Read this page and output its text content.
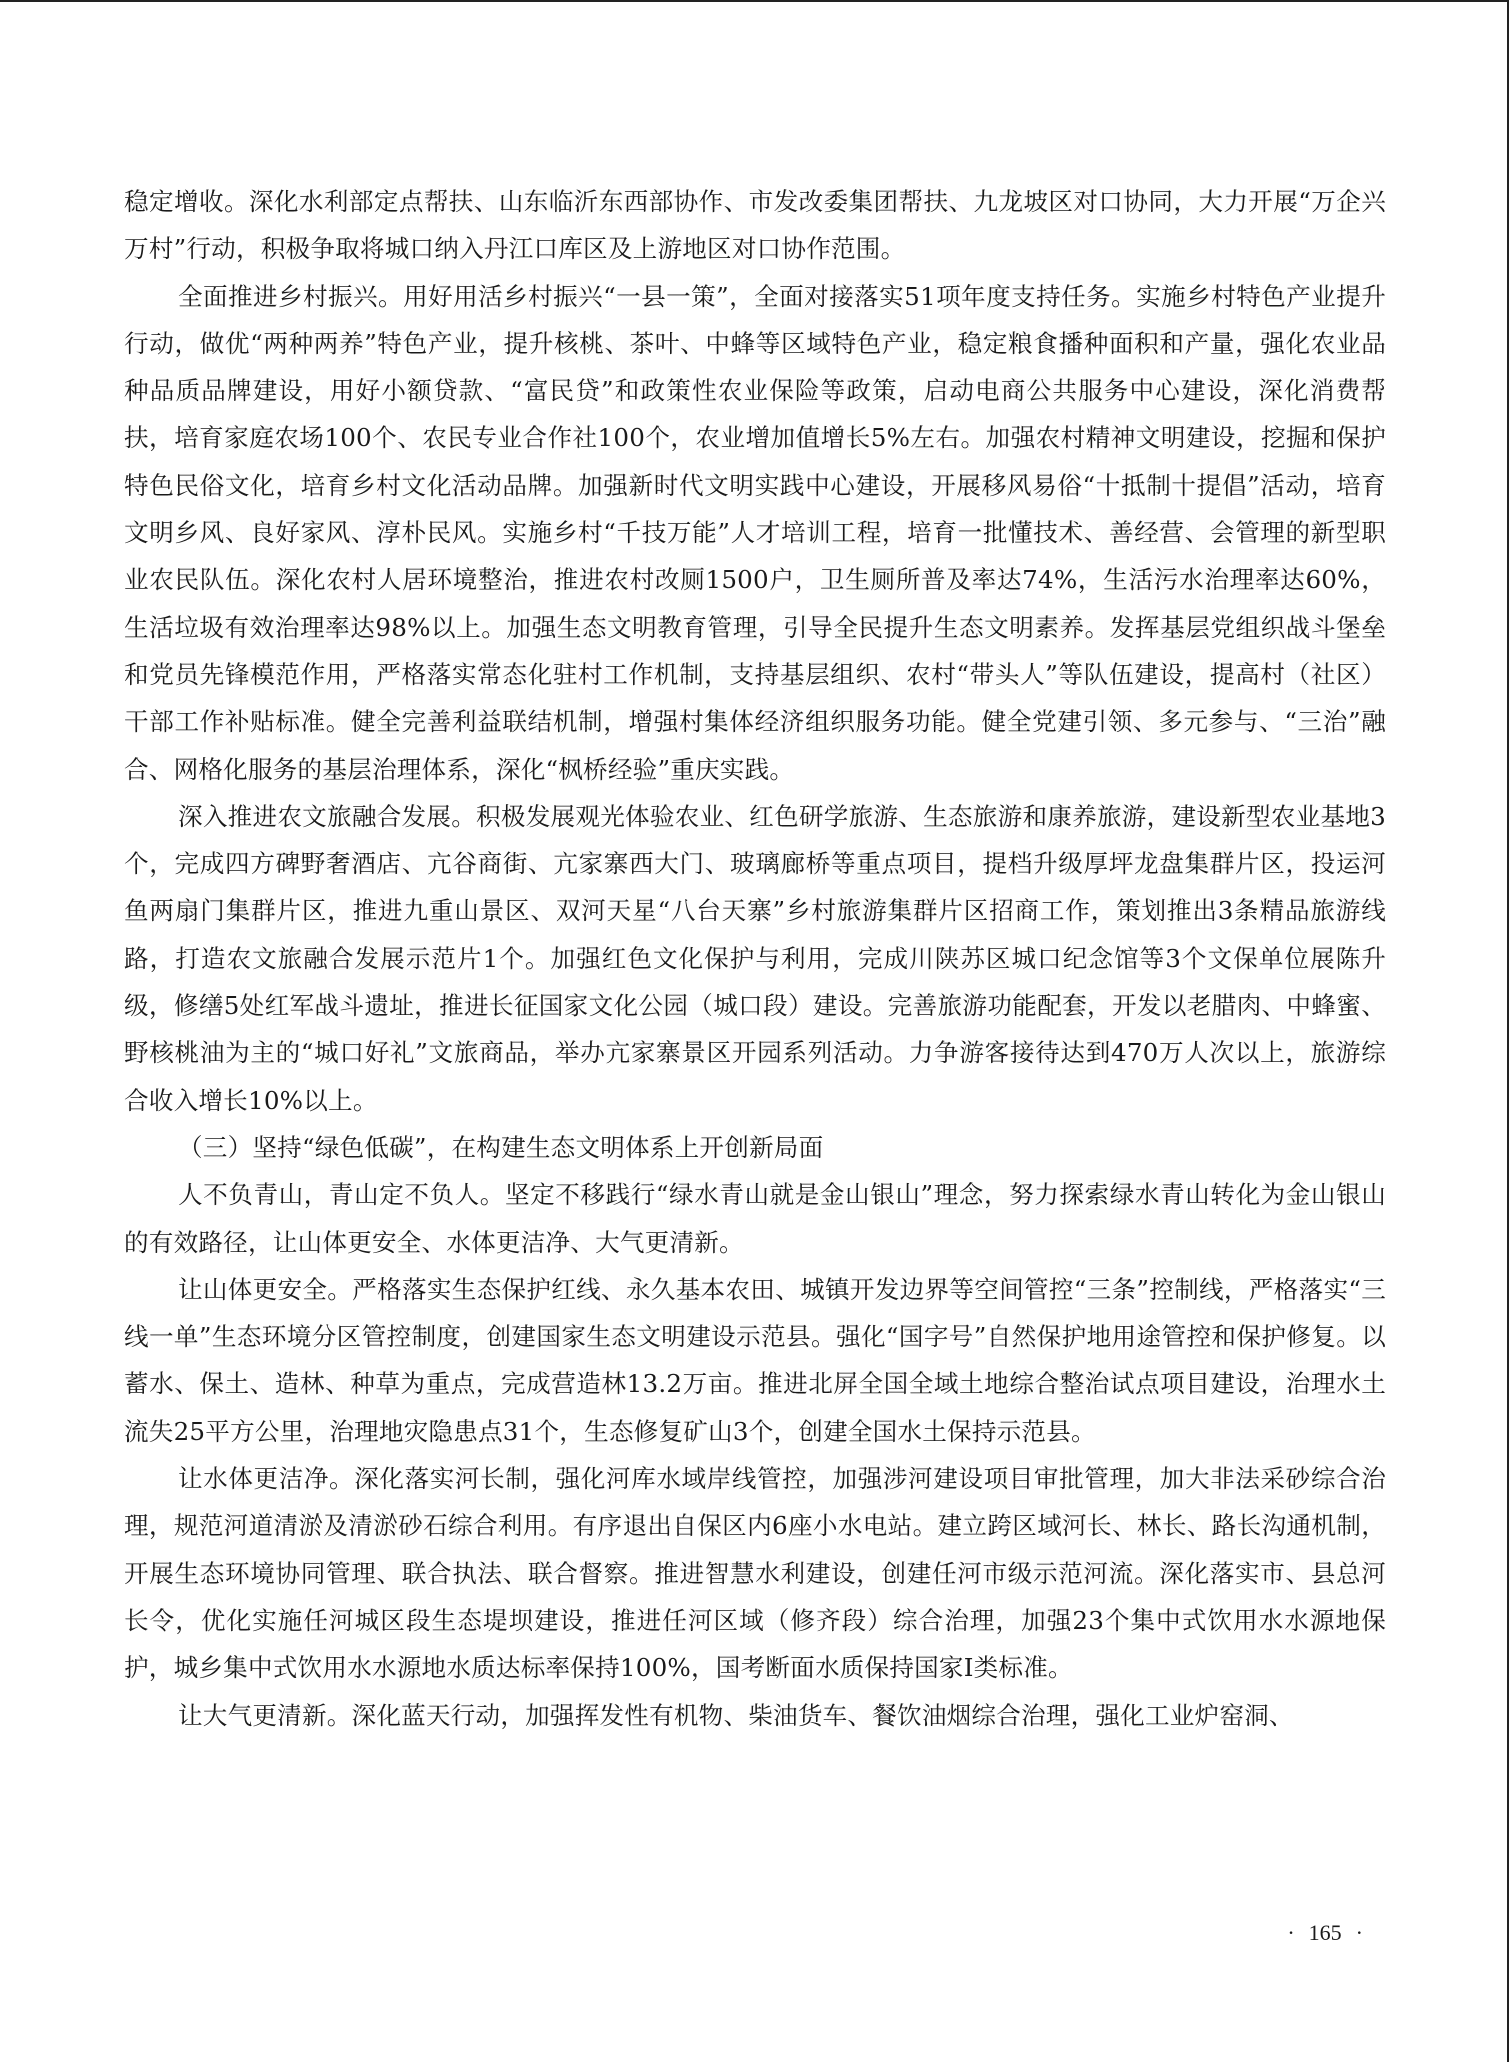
稳定增收。深化水利部定点帮扶、山东临沂东西部协作、市发改委集团帮扶、九龙坡区对口协同，大力开展“万企兴万村”行动，积极争取将城口纳入丹江口库区及上游地区对口协作范围。

全面推进乡村振兴。用好用活乡村振兴“一县一策”，全面对接落实51项年度支持任务。实施乡村特色产业提升行动，做优“两种两养”特色产业，提升核桃、茶叶、中蜂等区域特色产业，稳定粮食播种面积和产量，强化农业品种品质品牌建设，用好小额贷款、“富民贷”和政策性农业保险等政策，启动电商公共服务中心建设，深化消费帮扶，培育家庭农场100个、农民专业合作社100个，农业增加值增长5%左右。加强农村精神文明建设，挖掘和保护特色民俗文化，培育乡村文化活动品牌。加强新时代文明实践中心建设，开展移风易俗“十抵制十提倡”活动，培育文明乡风、良好家风、淳朴民风。实施乡村“千技万能”人才培训工程，培育一批懂技术、善经营、会管理的新型职业农民队伍。深化农村人居环境整治，推进农村改厕1500户，卫生厕所普及率达74%，生活污水治理率达60%，生活垃圾有效治理率达98%以上。加强生态文明教育管理，引导全民提升生态文明素养。发挥基层党组织战斗堡垒和党员先锋模范作用，严格落实常态化驻村工作机制，支持基层组织、农村“带头人”等队伍建设，提高村（社区）干部工作补贴标准。健全完善利益联结机制，增强村集体经济组织服务功能。健全党建引领、多元参与、“三治”融合、网格化服务的基层治理体系，深化“枫桥经验”重庆实践。

深入推进农文旅融合发展。积极发展观光体验农业、红色研学旅游、生态旅游和康养旅游，建设新型农业基地3个，完成四方碑野奢酒店、亢谷商街、亢家寨西大门、玻璃廊桥等重点项目，提档升级厚坪龙盘集群片区，投运河鱼两扇门集群片区，推进九重山景区、双河天星“八台天寨”乡村旅游集群片区招商工作，策划推出3条精品旅游线路，打造农文旅融合发展示范片1个。加强红色文化保护与利用，完成川陕苏区城口纪念馆等3个文保单位展陈升级，修缮5处红军战斗遗址，推进长征国家文化公园（城口段）建设。完善旅游功能配套，开发以老腊肉、中蜂蜜、野核桃油为主的“城口好礼”文旅商品，举办亢家寨景区开园系列活动。力争游客接待达到470万人次以上，旅游综合收入增长10%以上。

（三）坚持“绿色低碳”，在构建生态文明体系上开创新局面

人不负青山，青山定不负人。坚定不移践行“绿水青山就是金山银山”理念，努力探索绿水青山转化为金山银山的有效路径，让山体更安全、水体更洁净、大气更清新。

让山体更安全。严格落实生态保护红线、永久基本农田、城镇开发边界等空间管控“三条”控制线，严格落实“三线一单”生态环境分区管控制度，创建国家生态文明建设示范县。强化“国字号”自然保护地用途管控和保护修复。以蓄水、保土、造林、种草为重点，完成营造林13.2万亩。推进北屏全国全域土地综合整治试点项目建设，治理水土流失25平方公里，治理地灾隐患点31个，生态修复矿山3个，创建全国水土保持示范县。

让水体更洁净。深化落实河长制，强化河库水域岸线管控，加强涉河建设项目审批管理，加大非法采砂综合治理，规范河道清淤及清淤砂石综合利用。有序退出自保区内6座小水电站。建立跨区域河长、林长、路长沟通机制，开展生态环境协同管理、联合执法、联合督察。推进智慧水利建设，创建任河市级示范河流。深化落实市、县总河长令，优化实施任河城区段生态堤坝建设，推进任河区域（修齐段）综合治理，加强23个集中式饮用水水源地保护，城乡集中式饮用水水源地水质达标率保持100%，国考断面水质保持国家Ⅰ类标准。

让大气更清新。深化蓝天行动，加强挥发性有机物、柴油货车、餐饮油烟综合治理，强化工业炉窑洞、

· 165 ·
